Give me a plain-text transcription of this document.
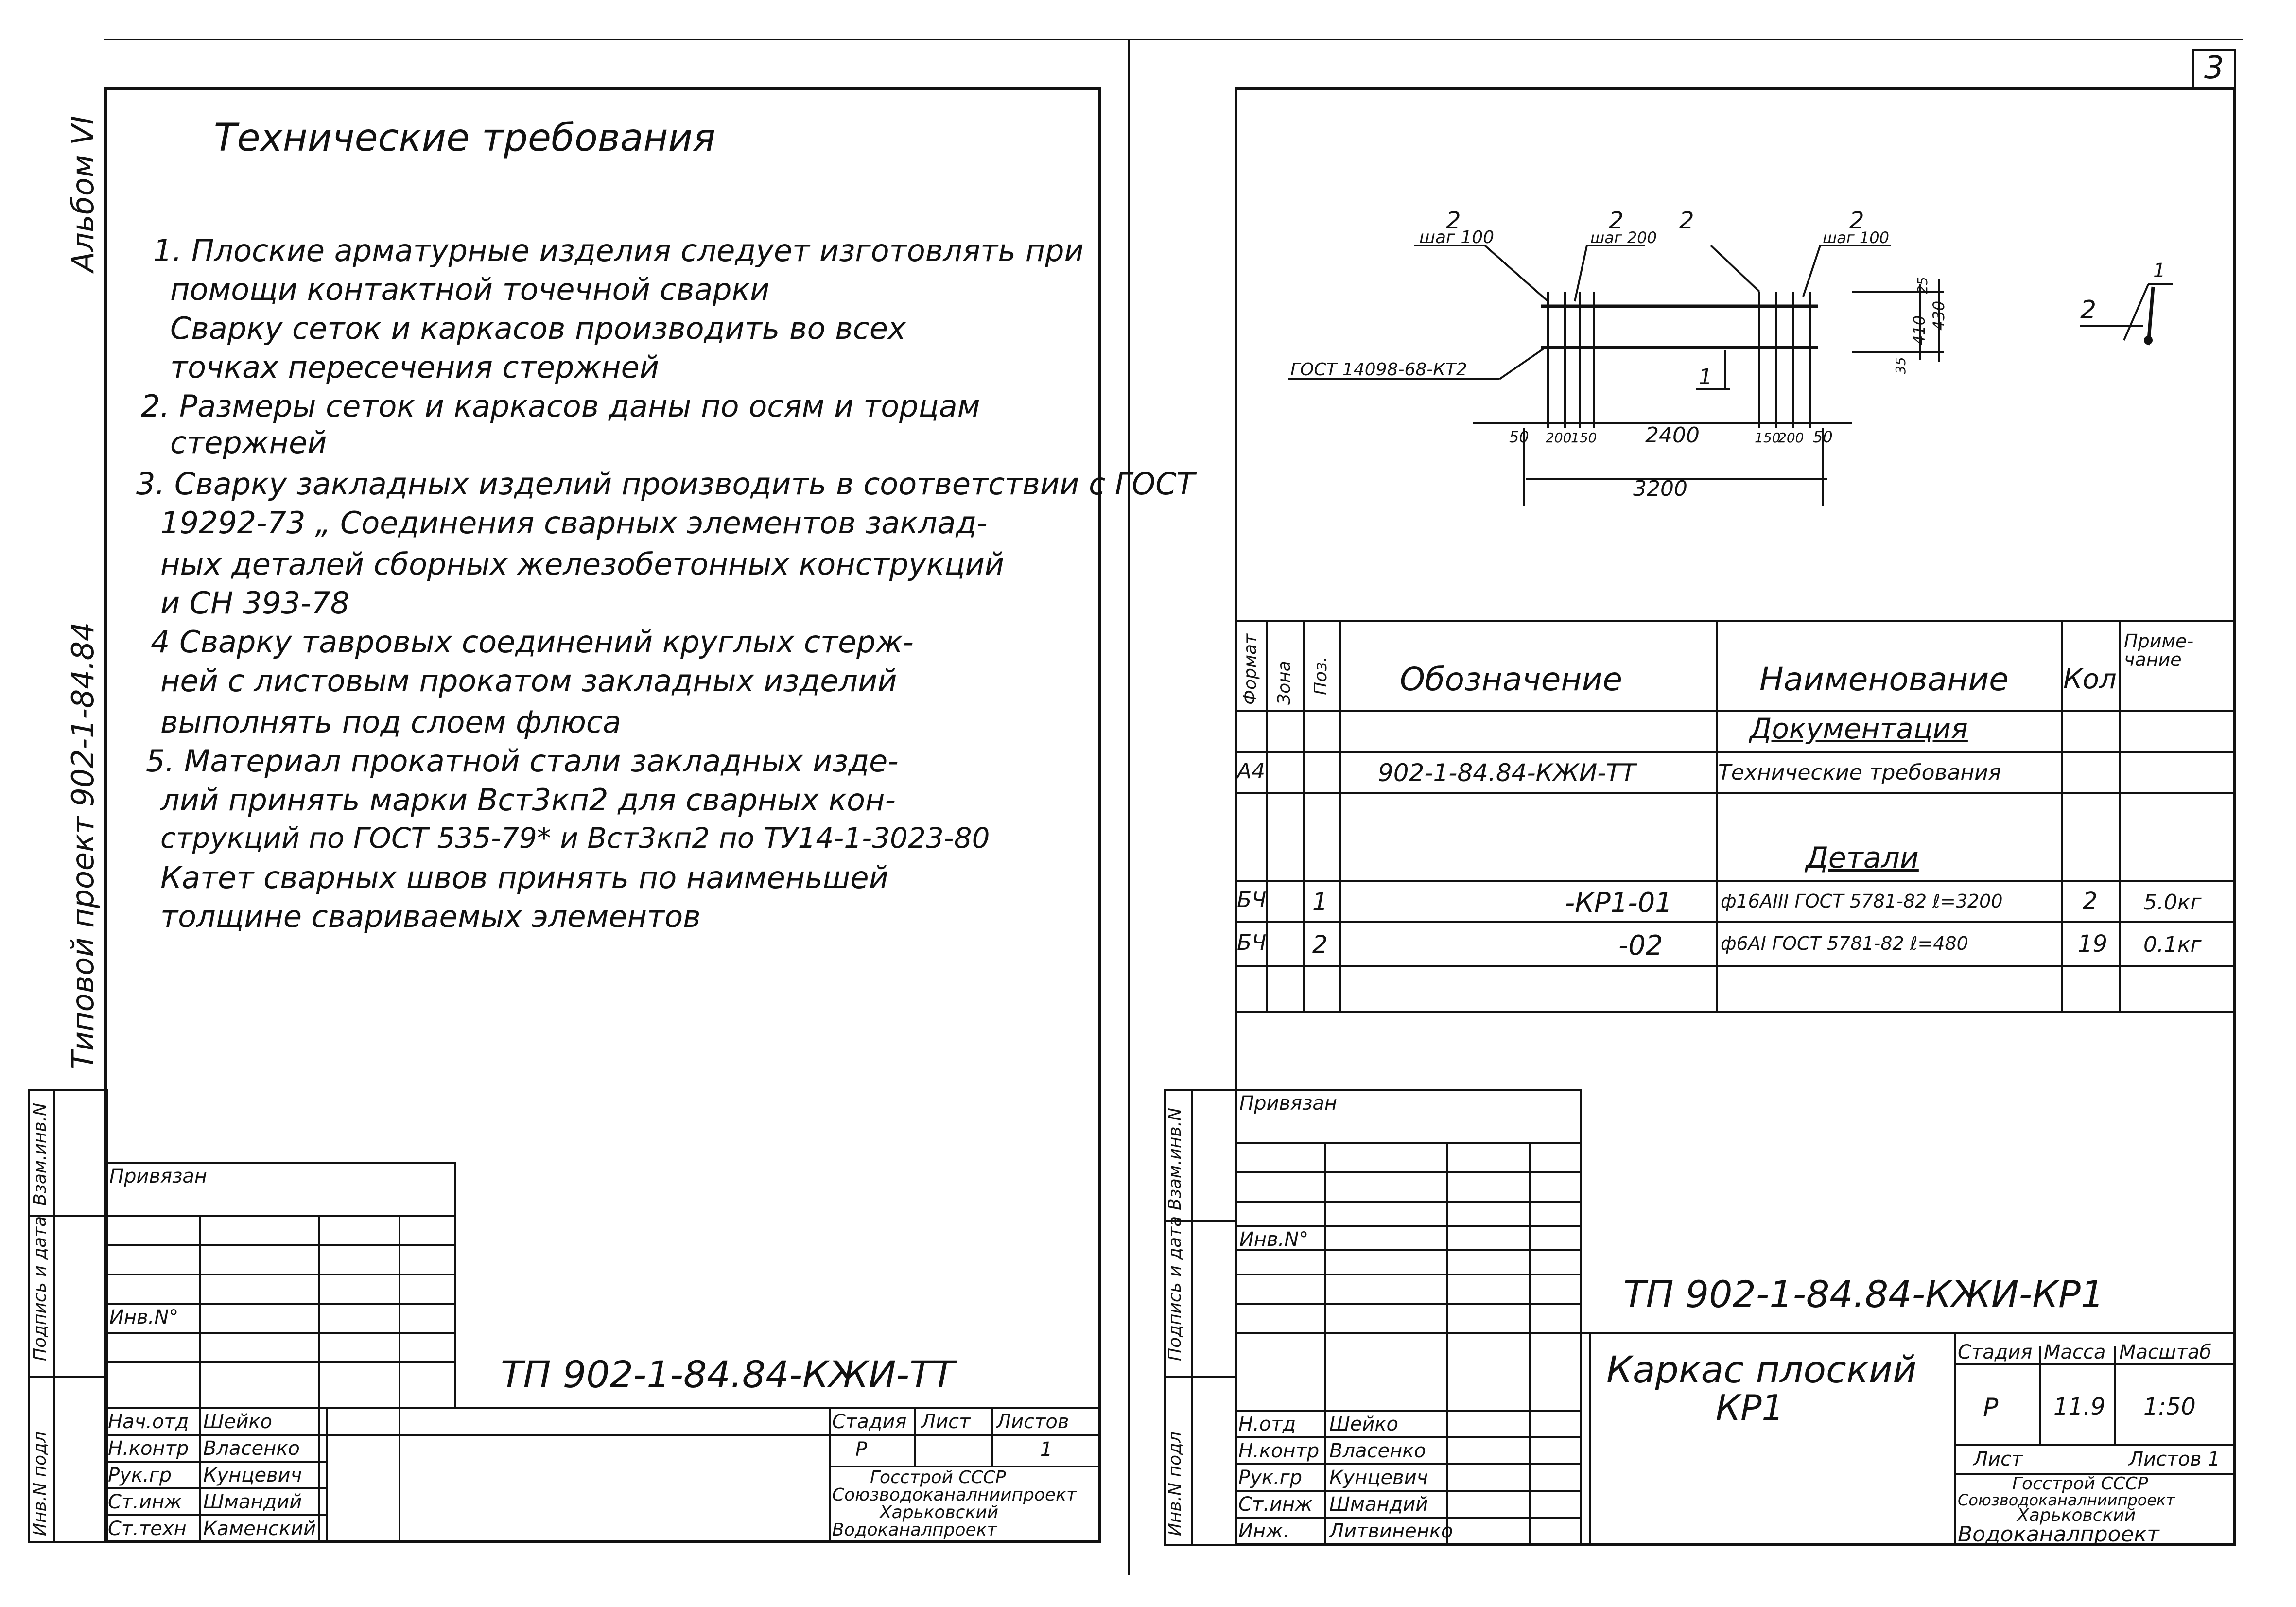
Альбом VI
Типовой проект 902-1-84.84
Инв.N подл
Подпись и дата
Взам.инв.N
Технические требования
1. Плоские арматурные изделия следует изготовлять при
помощи контактной точечной сварки
Сварку сеток и каркасов производить во всех
точках пересечения стержней
2. Размеры сеток и каркасов даны по осям и торцам
стержней
3. Сварку закладных изделий производить в соответствии с ГОСТ
19292-73 „ Соединения сварных элементов заклад-
ных деталей сборных железобетонных конструкций
и СН 393-78
4 Сварку тавровых соединений круглых стерж-
ней с листовым прокатом закладных изделий
выполнять под слоем флюса
5. Материал прокатной стали закладных изде-
лий принять марки Вст3кп2 для сварных кон-
струкций по ГОСТ 535-79* и Вст3кп2 по ТУ14-1-3023-80
Катет сварных швов принять по наименьшей
толщине свариваемых элементов
Привязан
Инв.N°
Нач.отд Шейко
Н.контр Власенко
Рук.гр Кунцевич
Ст.инж Шмандий
Ст.техн Каменский
ТП 902-1-84.84-КЖИ-ТТ
Стадия Лист Листов
Р	1
Госстрой СССР
Союзводоканалниипроект
Харьковский
Водоканалпроект
3
2
шаг 100
2
шаг 200
2	2
шаг 100
ГОСТ 14098-68-КТ2	1
2
1
50 200
150 2400	150
200 50
3200
25
410 430
35
Формат Зона Поз. Обозначение	Наименование Кол
Приме-чание
Документация
А4	902-1-84.84-КЖИ-ТТ	Технические требования
Детали
БЧ 1	-КР1-01	ф16АIII ГОСТ 5781-82 ℓ=3200	2 5.0кг
БЧ 2	-02	ф6АI ГОСТ 5781-82 ℓ=480	19 0.1кг
Инв.N подл
Подпись и дата
Взам.инв.N
Привязан
Инв.N°
ТП 902-1-84.84-КЖИ-КР1
Н.отд Шейко
Н.контр Власенко
Рук.гр Кунцевич
Ст.инж Шмандий
Инж. Литвиненко
Каркас плоский
КР1
Стадия Масса Масштаб
Р 11.9 1:50
Лист	Листов 1
Госстрой СССР
Союзводоканалниипроект
Харьковский
Водоканалпроект
